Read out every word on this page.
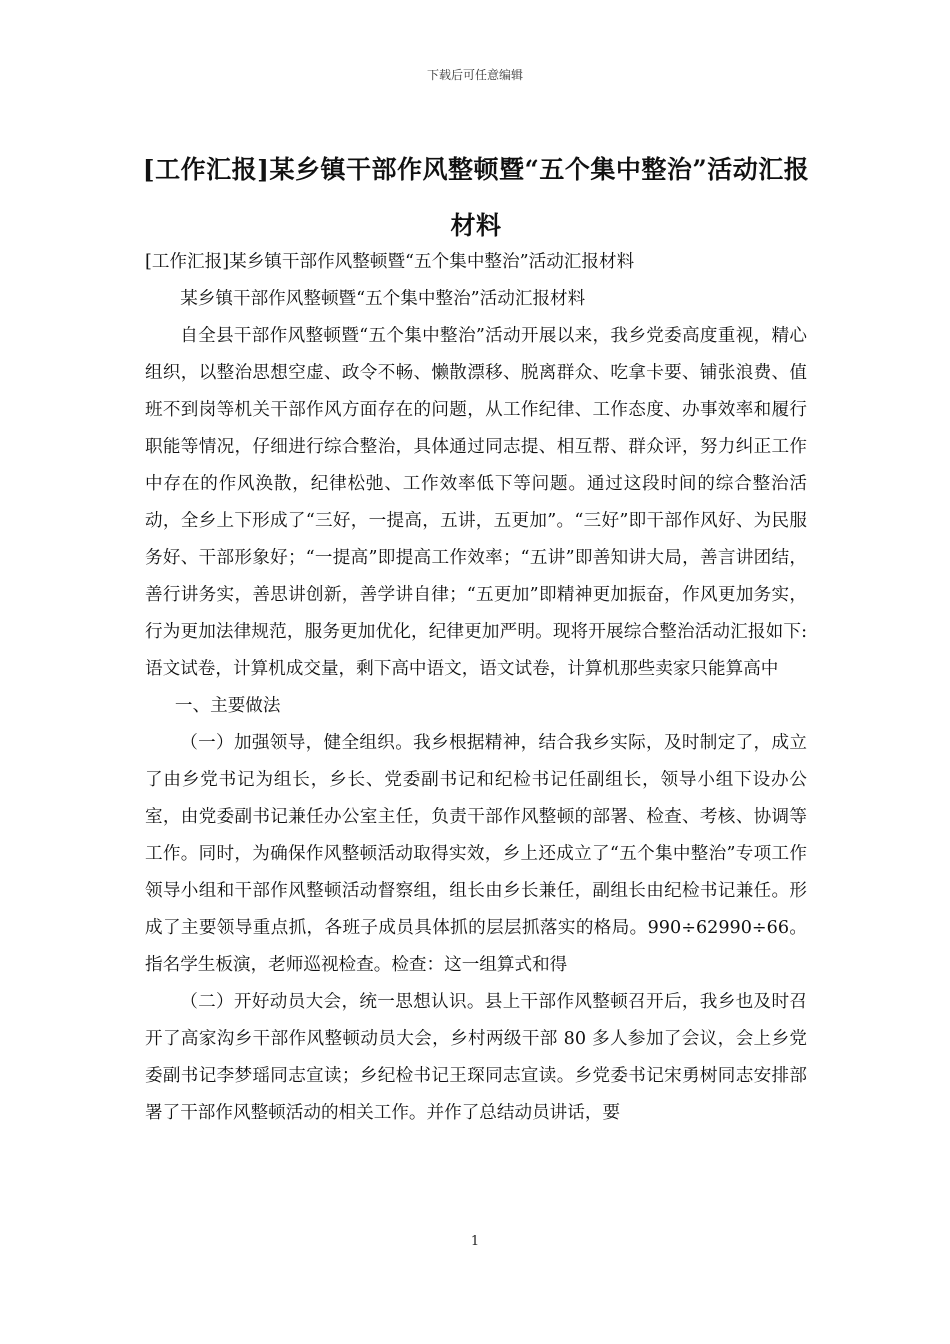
下载后可任意编辑
[工作汇报]某乡镇干部作风整顿暨“五个集中整治”活动汇报材料

[工作汇报]某乡镇干部作风整顿暨“五个集中整治”活动汇报材料

某乡镇干部作风整顿暨“五个集中整治”活动汇报材料

自全县干部作风整顿暨“五个集中整治”活动开展以来，我乡党委高度重视，精心组织，以整治思想空虚、政令不畅、懒散漂移、脱离群众、吃拿卡要、铺张浪费、值班不到岗等机关干部作风方面存在的问题，从工作纪律、工作态度、办事效率和履行职能等情况，仔细进行综合整治，具体通过同志提、相互帮、群众评，努力纠正工作中存在的作风涣散，纪律松弛、工作效率低下等问题。通过这段时间的综合整治活动，全乡上下形成了“三好，一提高，五讲，五更加”。“三好”即干部作风好、为民服务好、干部形象好；“一提高”即提高工作效率；“五讲”即善知讲大局，善言讲团结，善行讲务实，善思讲创新，善学讲自律；“五更加”即精神更加振奋，作风更加务实，行为更加法律规范，服务更加优化，纪律更加严明。现将开展综合整治活动汇报如下:语文试卷，计算机成交量，剩下高中语文，语文试卷，计算机那些卖家只能算高中

一、主要做法

（一）加强领导，健全组织。我乡根据精神，结合我乡实际，及时制定了，成立了由乡党书记为组长，乡长、党委副书记和纪检书记任副组长，领导小组下设办公室，由党委副书记兼任办公室主任，负责干部作风整顿的部署、检查、考核、协调等工作。同时，为确保作风整顿活动取得实效，乡上还成立了“五个集中整治”专项工作领导小组和干部作风整顿活动督察组，组长由乡长兼任，副组长由纪检书记兼任。形成了主要领导重点抓，各班子成员具体抓的层层抓落实的格局。990÷62990÷66。指名学生板演，老师巡视检查。检查：这一组算式和得

（二）开好动员大会，统一思想认识。县上干部作风整顿召开后，我乡也及时召开了高家沟乡干部作风整顿动员大会，乡村两级干部 80 多人参加了会议，会上乡党委副书记李梦瑶同志宣读；乡纪检书记王琛同志宣读。乡党委书记宋勇树同志安排部署了干部作风整顿活动的相关工作。并作了总结动员讲话，要

1
